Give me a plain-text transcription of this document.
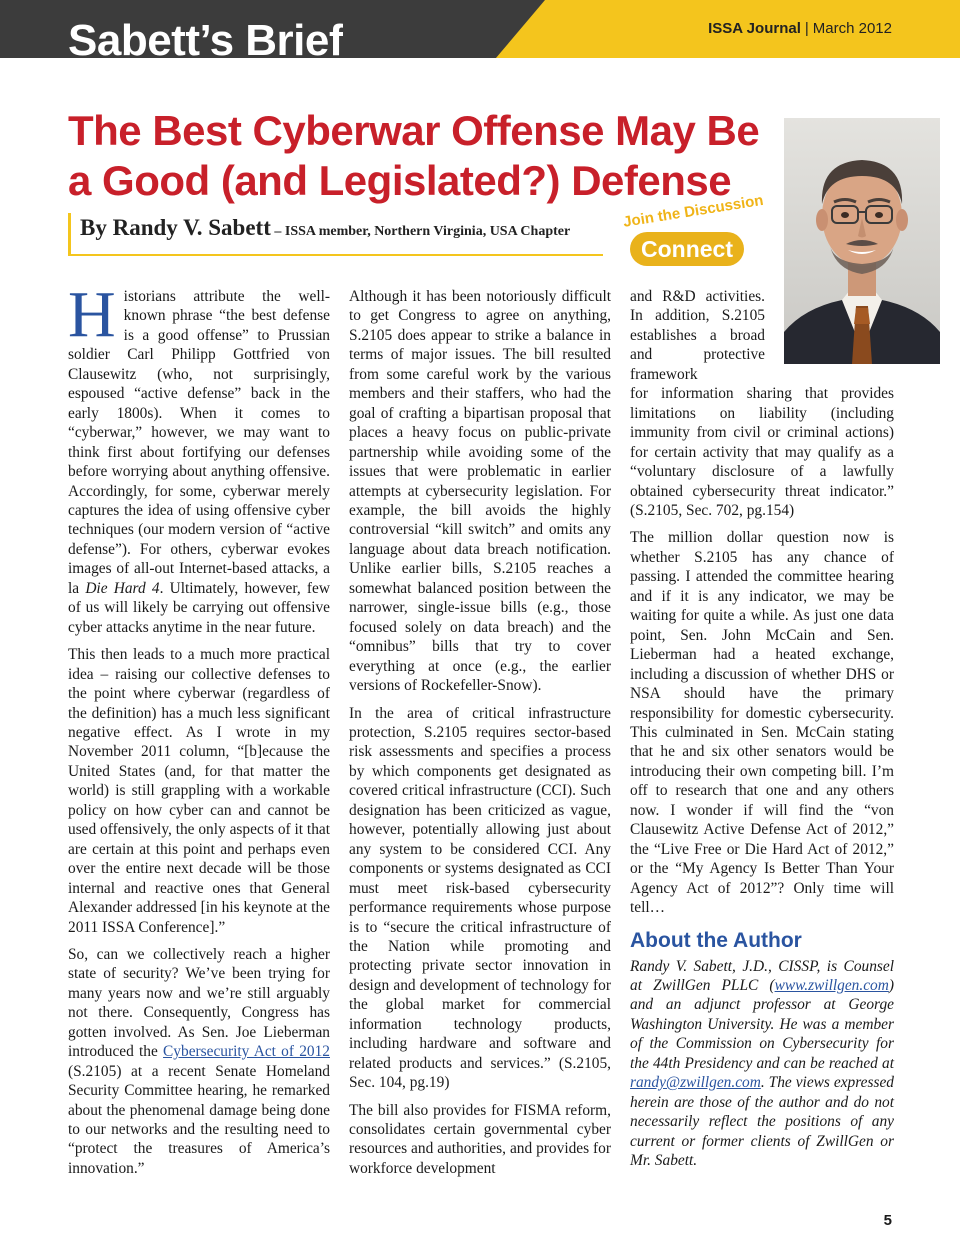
Sabett’s Brief	ISSA Journal | March 2012
The Best Cyberwar Offense May Be a Good (and Legislated?) Defense
By Randy V. Sabett – ISSA member, Northern Virginia, USA Chapter
Join the Discussion
Connect

Historians attribute the well-known phrase “the best defense is a good offense” to Prussian soldier Carl Philipp Gottfried von Clausewitz (who, not surprisingly, espoused “active defense” back in the early 1800s). When it comes to “cyberwar,” however, we may want to think first about fortifying our defenses before worrying about anything offensive. Accordingly, for some, cyberwar merely captures the idea of using offensive cyber techniques (our modern version of “active defense”). For others, cyberwar evokes images of all-out Internet-based attacks, a la Die Hard 4. Ultimately, however, few of us will likely be carrying out offensive cyber attacks anytime in the near future.

This then leads to a much more practical idea – raising our collective defenses to the point where cyberwar (regardless of the definition) has a much less significant negative effect. As I wrote in my November 2011 column, “[b]ecause the United States (and, for that matter the world) is still grappling with a workable policy on how cyber can and cannot be used offensively, the only aspects of it that are certain at this point and perhaps even over the entire next decade will be those internal and reactive ones that General Alexander addressed [in his keynote at the 2011 ISSA Conference].”

So, can we collectively reach a higher state of security? We’ve been trying for many years now and we’re still arguably not there. Consequently, Congress has gotten involved. As Sen. Joe Lieberman introduced the Cybersecurity Act of 2012 (S.2105) at a recent Senate Homeland Security Committee hearing, he remarked about the phenomenal damage being done to our networks and the resulting need to “protect the treasures of America’s innovation.”

Although it has been notoriously difficult to get Congress to agree on anything, S.2105 does appear to strike a balance in terms of major issues. The bill resulted from some careful work by the various members and their staffers, who had the goal of crafting a bipartisan proposal that places a heavy focus on public-private partnership while avoiding some of the issues that were problematic in earlier attempts at cybersecurity legislation. For example, the bill avoids the highly controversial “kill switch” and omits any language about data breach notification. Unlike earlier bills, S.2105 reaches a somewhat balanced position between the narrower, single-issue bills (e.g., those focused solely on data breach) and the “omnibus” bills that try to cover everything at once (e.g., the earlier versions of Rockefeller-Snow).

In the area of critical infrastructure protection, S.2105 requires sector-based risk assessments and specifies a process by which components get designated as covered critical infrastructure (CCI). Such designation has been criticized as vague, however, potentially allowing just about any system to be considered CCI. Any components or systems designated as CCI must meet risk-based cybersecurity performance requirements whose purpose is to “secure the critical infrastructure of the Nation while promoting and protecting private sector innovation in design and development of technology for the global market for commercial information technology products, including hardware and software and related products and services.” (S.2105, Sec. 104, pg.19)

The bill also provides for FISMA reform, consolidates certain governmental cyber resources and authorities, and provides for workforce development

and R&D activities. In addition, S.2105 establishes a broad and protective framework
for information sharing that provides limitations on liability (including immunity from civil or criminal actions) for certain activity that may qualify as a “voluntary disclosure of a lawfully obtained cybersecurity threat indicator.” (S.2105, Sec. 702, pg.154)

The million dollar question now is whether S.2105 has any chance of passing. I attended the committee hearing and if it is any indicator, we may be waiting for quite a while. As just one data point, Sen. John McCain and Sen. Lieberman had a heated exchange, including a discussion of whether DHS or NSA should have the primary responsibility for domestic cybersecurity. This culminated in Sen. McCain stating that he and six other senators would be introducing their own competing bill. I’m off to research that one and any others now. I wonder if will find the “von Clausewitz Active Defense Act of 2012,” the “Live Free or Die Hard Act of 2012,” or the “My Agency Is Better Than Your Agency Act of 2012”? Only time will tell…

About the Author

Randy V. Sabett, J.D., CISSP, is Counsel at ZwillGen PLLC (www.zwillgen.com) and an adjunct professor at George Washington University. He was a member of the Commission on Cybersecurity for the 44th Presidency and can be reached at randy@zwillgen.com. The views expressed herein are those of the author and do not necessarily reflect the positions of any current or former clients of ZwillGen or Mr. Sabett.

5
